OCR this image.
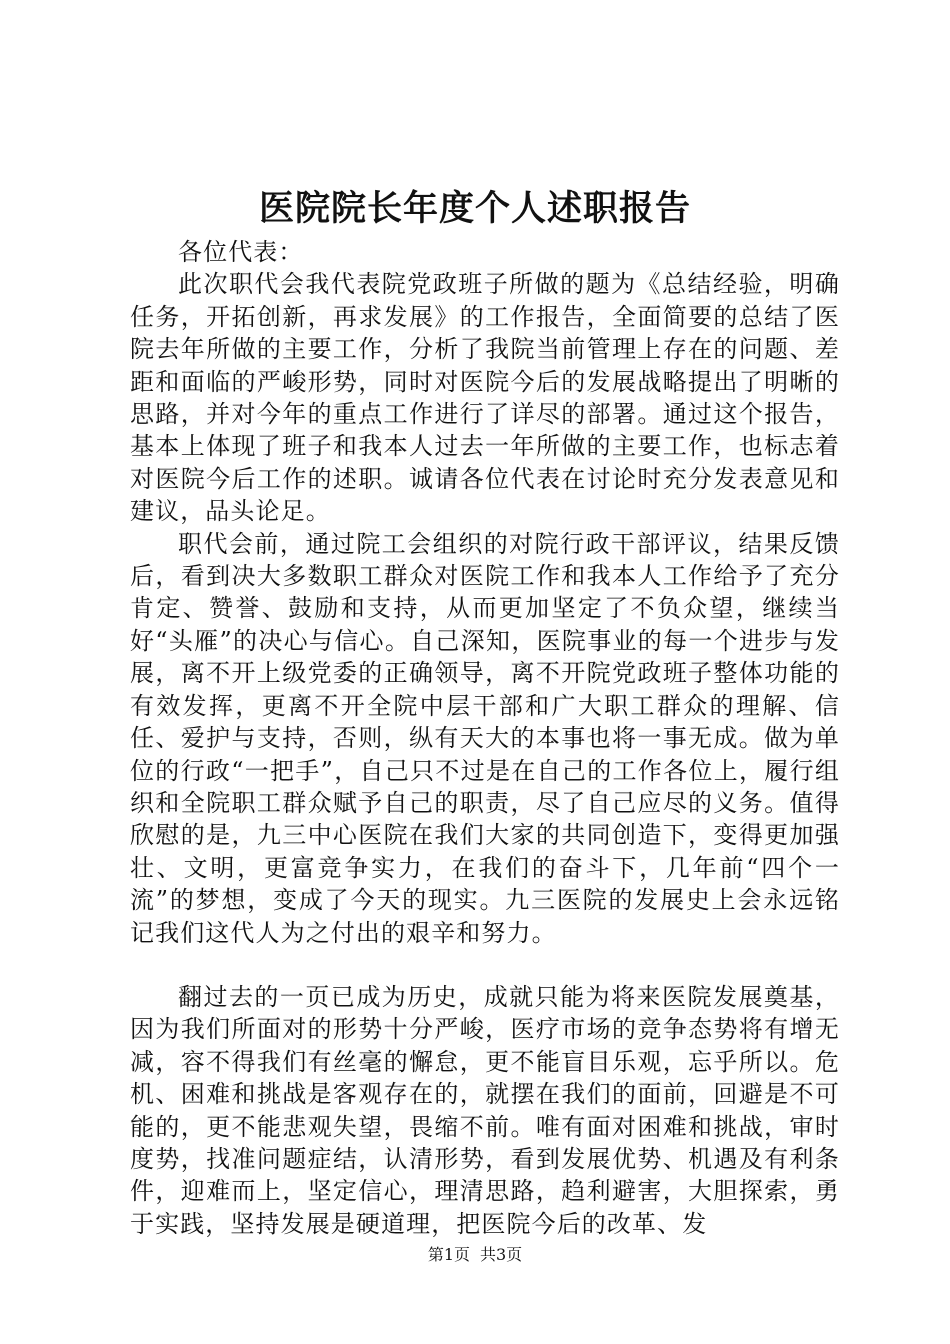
医院院长年度个人述职报告

各位代表：

此次职代会我代表院党政班子所做的题为《总结经验，明确任务，开拓创新，再求发展》的工作报告，全面简要的总结了医院去年所做的主要工作，分析了我院当前管理上存在的问题、差距和面临的严峻形势，同时对医院今后的发展战略提出了明晰的思路，并对今年的重点工作进行了详尽的部署。通过这个报告，基本上体现了班子和我本人过去一年所做的主要工作，也标志着对医院今后工作的述职。诚请各位代表在讨论时充分发表意见和建议，品头论足。

职代会前，通过院工会组织的对院行政干部评议，结果反馈后，看到决大多数职工群众对医院工作和我本人工作给予了充分肯定、赞誉、鼓励和支持，从而更加坚定了不负众望，继续当好“头雁”的决心与信心。自己深知，医院事业的每一个进步与发展，离不开上级党委的正确领导，离不开院党政班子整体功能的有效发挥，更离不开全院中层干部和广大职工群众的理解、信任、爱护与支持，否则，纵有天大的本事也将一事无成。做为单位的行政“一把手”，自己只不过是在自己的工作各位上，履行组织和全院职工群众赋予自己的职责，尽了自己应尽的义务。值得欣慰的是，九三中心医院在我们大家的共同创造下，变得更加强壮、文明，更富竞争实力，在我们的奋斗下，几年前“四个一流”的梦想，变成了今天的现实。九三医院的发展史上会永远铭记我们这代人为之付出的艰辛和努力。

翻过去的一页已成为历史，成就只能为将来医院发展奠基，因为我们所面对的形势十分严峻，医疗市场的竞争态势将有增无减，容不得我们有丝毫的懈怠，更不能盲目乐观，忘乎所以。危机、困难和挑战是客观存在的，就摆在我们的面前，回避是不可能的，更不能悲观失望，畏缩不前。唯有面对困难和挑战，审时度势，找准问题症结，认清形势，看到发展优势、机遇及有利条件，迎难而上，坚定信心，理清思路，趋利避害，大胆探索，勇于实践，坚持发展是硬道理，把医院今后的改革、发

第1页 共3页
